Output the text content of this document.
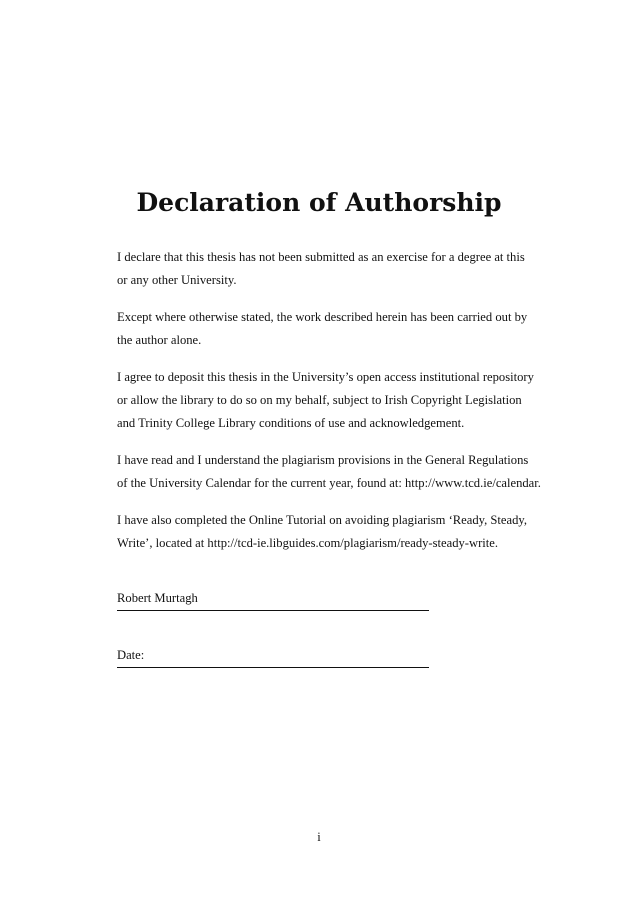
Declaration of Authorship

I declare that this thesis has not been submitted as an exercise for a degree at this
or any other University.

Except where otherwise stated, the work described herein has been carried out by
the author alone.

I agree to deposit this thesis in the University’s open access institutional repository
or allow the library to do so on my behalf, subject to Irish Copyright Legislation
and Trinity College Library conditions of use and acknowledgement.

I have read and I understand the plagiarism provisions in the General Regulations
of the University Calendar for the current year, found at: http://www.tcd.ie/calendar.

I have also completed the Online Tutorial on avoiding plagiarism ‘Ready, Steady,
Write’, located at http://tcd-ie.libguides.com/plagiarism/ready-steady-write.

Robert Murtagh
Date:
i
